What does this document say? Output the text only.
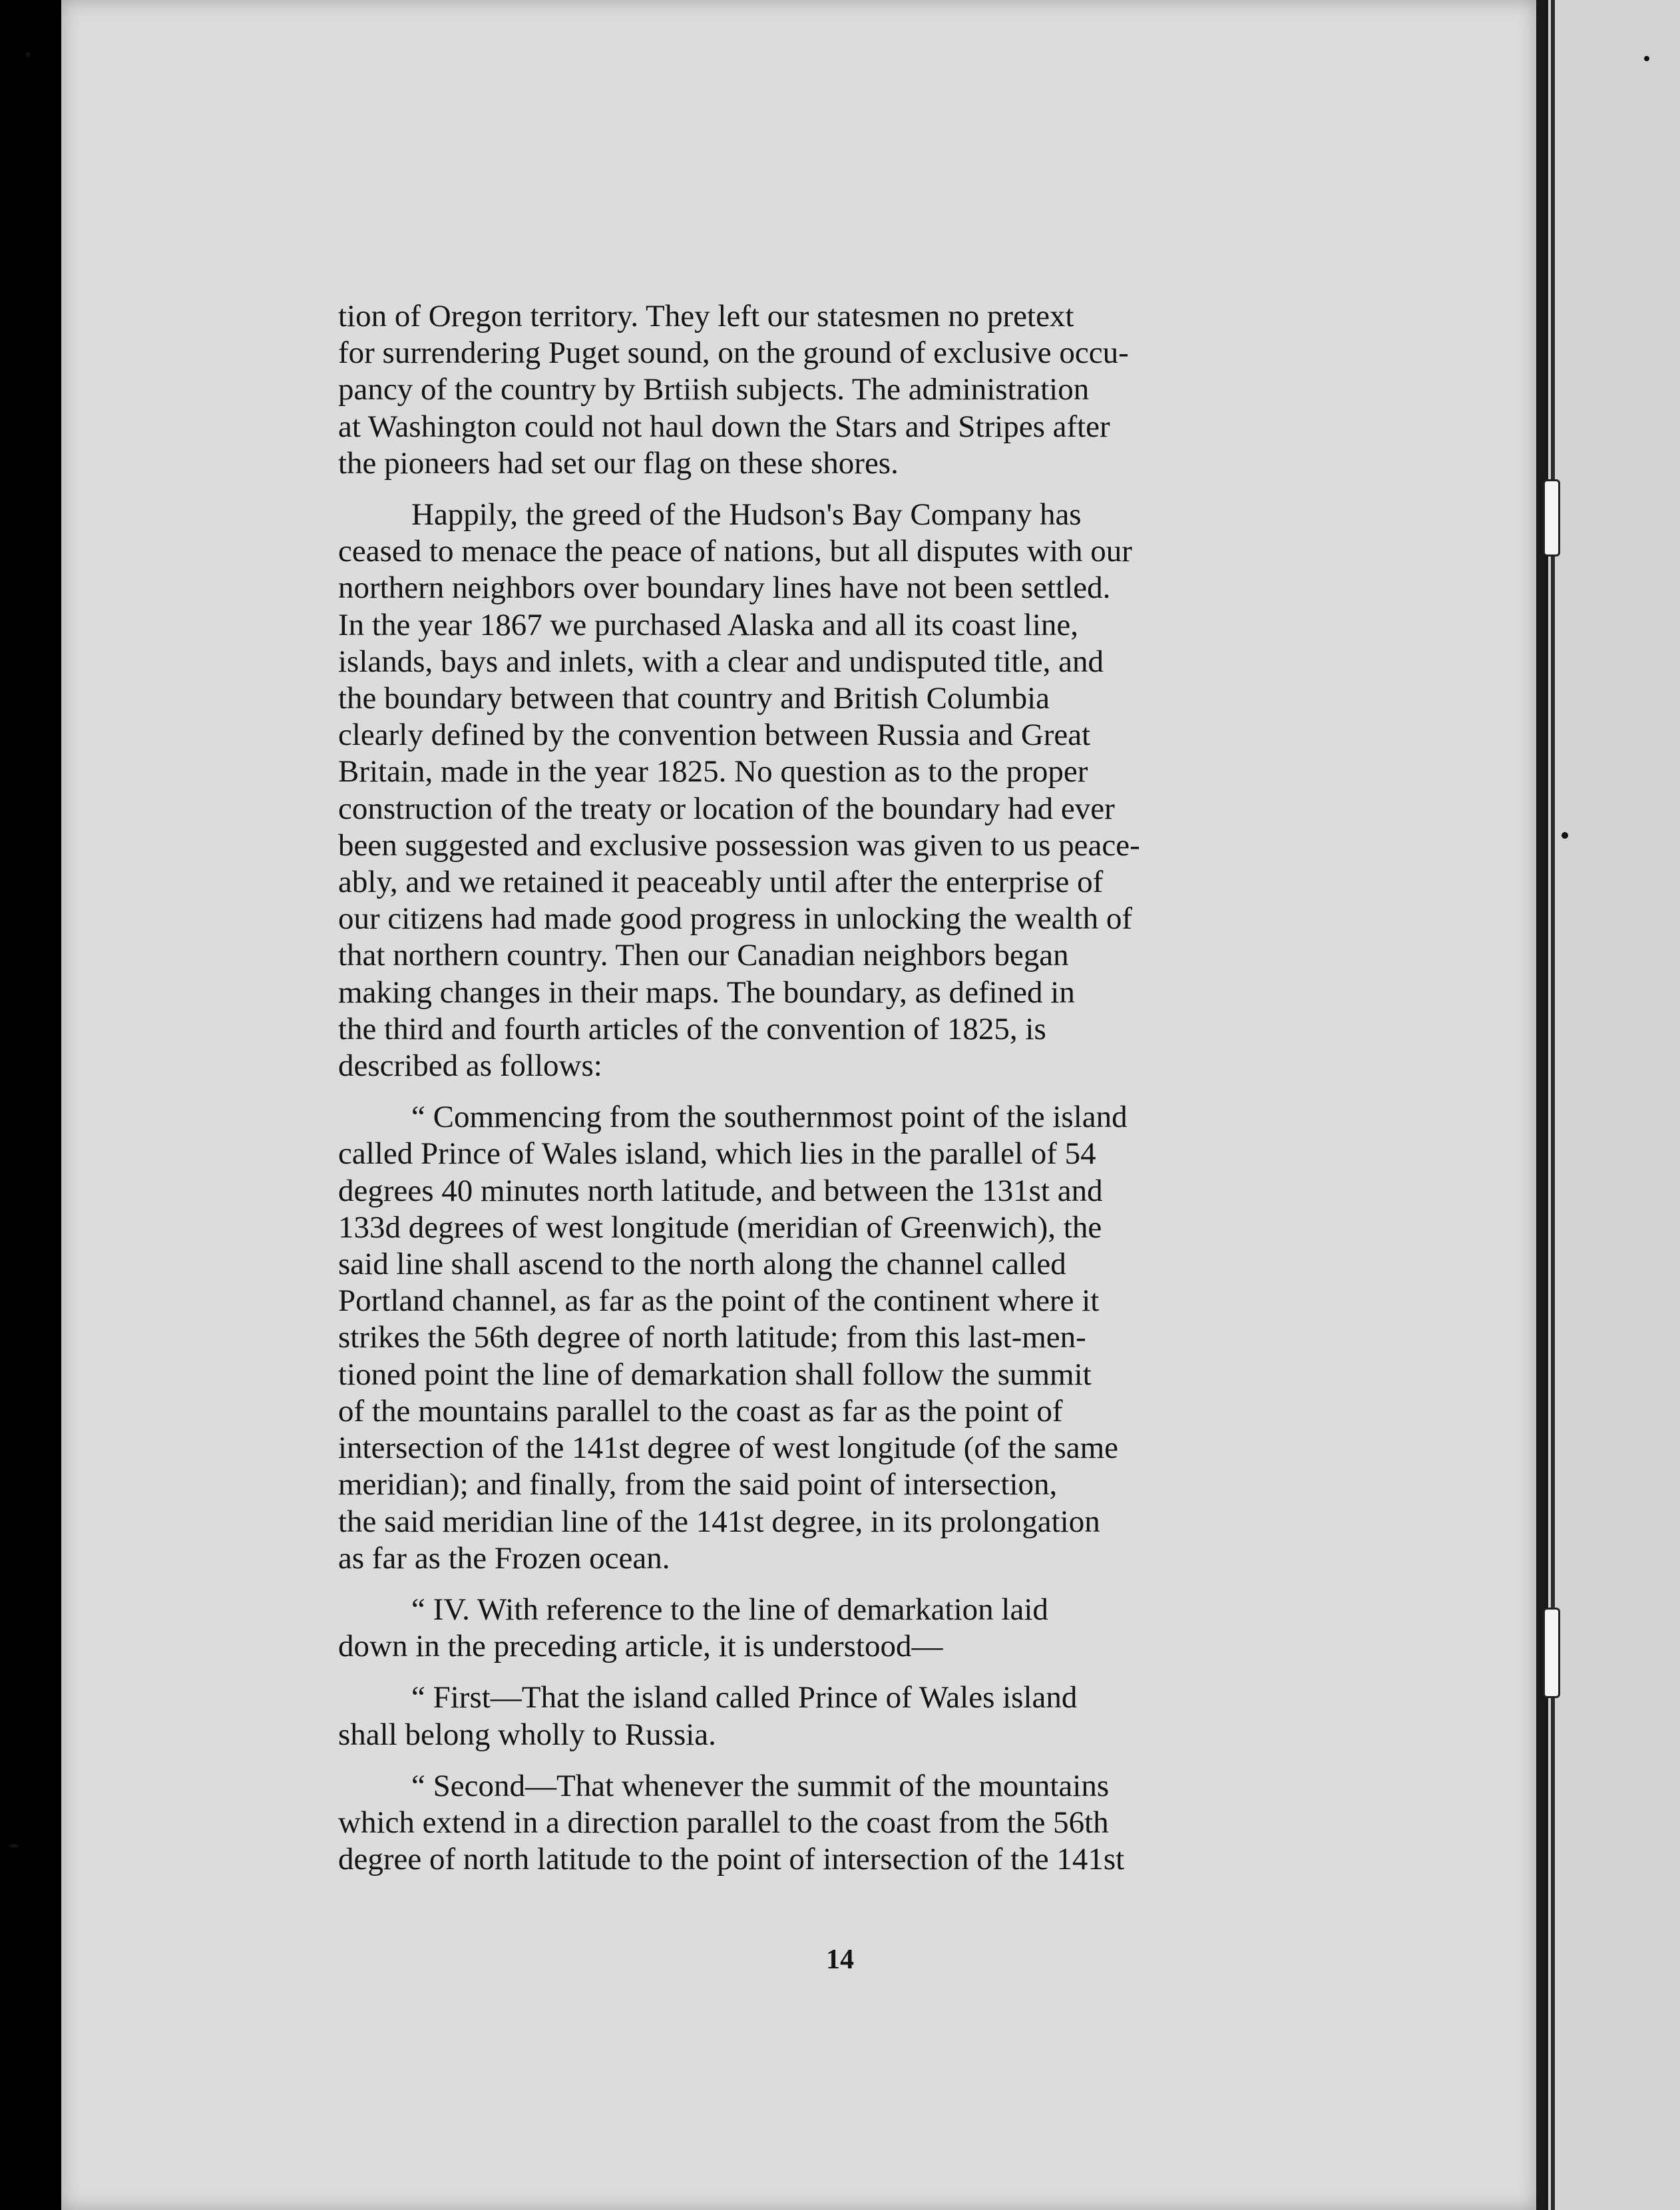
tion of Oregon territory. They left our statesmen no pretext
for surrendering Puget sound, on the ground of exclusive occu-
pancy of the country by Brtiish subjects. The administration
at Washington could not haul down the Stars and Stripes after
the pioneers had set our flag on these shores.

Happily, the greed of the Hudson's Bay Company has
ceased to menace the peace of nations, but all disputes with our
northern neighbors over boundary lines have not been settled.
In the year 1867 we purchased Alaska and all its coast line,
islands, bays and inlets, with a clear and undisputed title, and
the boundary between that country and British Columbia
clearly defined by the convention between Russia and Great
Britain, made in the year 1825. No question as to the proper
construction of the treaty or location of the boundary had ever
been suggested and exclusive possession was given to us peace-
ably, and we retained it peaceably until after the enterprise of
our citizens had made good progress in unlocking the wealth of
that northern country. Then our Canadian neighbors began
making changes in their maps. The boundary, as defined in
the third and fourth articles of the convention of 1825, is
described as follows:

“ Commencing from the southernmost point of the island
called Prince of Wales island, which lies in the parallel of 54
degrees 40 minutes north latitude, and between the 131st and
133d degrees of west longitude (meridian of Greenwich), the
said line shall ascend to the north along the channel called
Portland channel, as far as the point of the continent where it
strikes the 56th degree of north latitude; from this last-men-
tioned point the line of demarkation shall follow the summit
of the mountains parallel to the coast as far as the point of
intersection of the 141st degree of west longitude (of the same
meridian); and finally, from the said point of intersection,
the said meridian line of the 141st degree, in its prolongation
as far as the Frozen ocean.

“ IV. With reference to the line of demarkation laid
down in the preceding article, it is understood—

“ First—That the island called Prince of Wales island
shall belong wholly to Russia.

“ Second—That whenever the summit of the mountains
which extend in a direction parallel to the coast from the 56th
degree of north latitude to the point of intersection of the 141st

14
